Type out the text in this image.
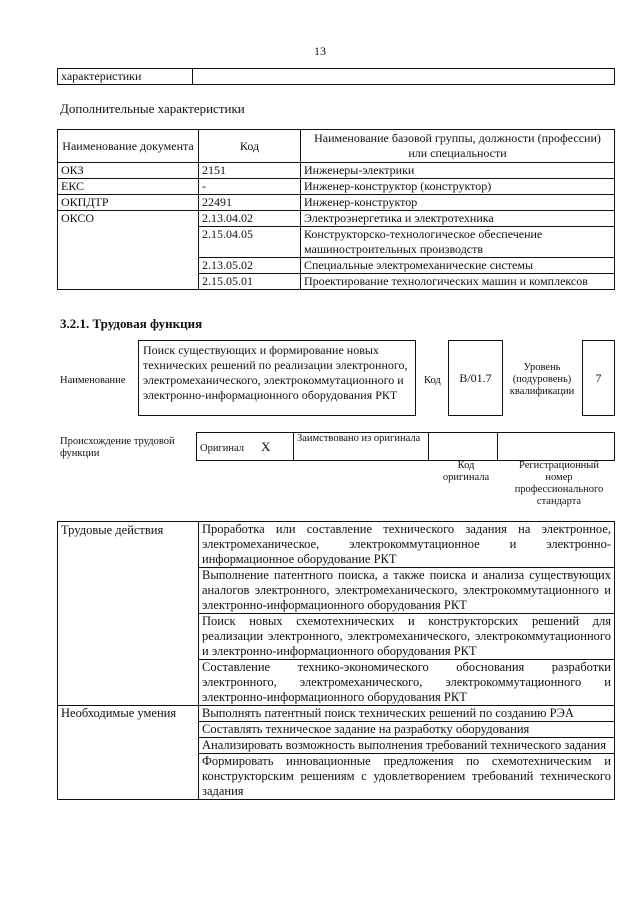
13
характеристики	
Дополнительные характеристики
Наименование документа	Код	Наименование базовой группы, должности (профессии) или специальности
ОКЗ	2151	Инженеры-электрики
ЕКС	-	Инженер-конструктор (конструктор)
ОКПДТР	22491	Инженер-конструктор
ОКСО	2.13.04.02	Электроэнергетика и электротехника
	2.15.04.05	Конструкторско-технологическое обеспечение машиностроительных производств
	2.13.05.02	Специальные электромеханические системы
	2.15.05.01	Проектирование технологических машин и комплексов
3.2.1. Трудовая функция
Наименование
Поиск существующих и формирование новых технических решений по реализации электронного, электромеханического, электрокоммутационного и электронно-информационного оборудования РКТ
Код B/01.7
Уровень (подуровень) квалификации
7
Происхождение трудовой функции	Оригинал X	Заимствовано из оригинала		
Код оригинала
Регистрационный номер профессионального стандарта
Трудовые действия	Проработка или составление технического задания на электронное, электромеханическое, электрокоммутационное и электронно-информационное оборудование РКТ
	Выполнение патентного поиска, а также поиска и анализа существующих аналогов электронного, электромеханического, электрокоммутационного и электронно-информационного оборудования РКТ
	Поиск новых схемотехнических и конструкторских решений для реализации электронного, электромеханического, электрокоммутационного и электронно-информационного оборудования РКТ
	Составление технико-экономического обоснования разработки электронного, электромеханического, электрокоммутационного и электронно-информационного оборудования РКТ
Необходимые умения	Выполнять патентный поиск технических решений по созданию РЭА
	Составлять техническое задание на разработку оборудования
	Анализировать возможность выполнения требований технического задания
	Формировать инновационные предложения по схемотехническим и конструкторским решениям с удовлетворением требований технического задания
